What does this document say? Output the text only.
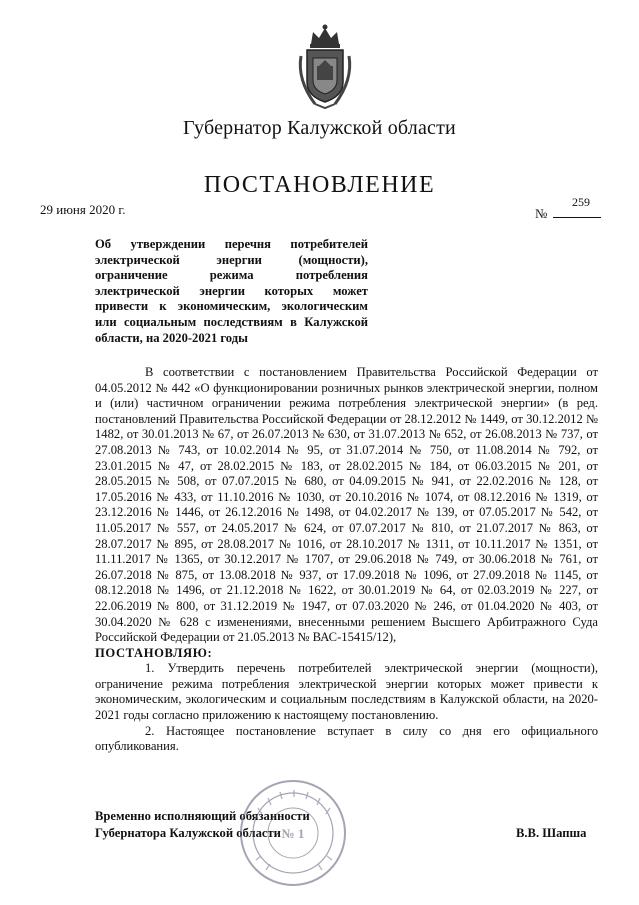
Губернатор Калужской области
ПОСТАНОВЛЕНИЕ
29 июня 2020 г.	№
259
Об утверждении перечня потребителей электрической энергии (мощности), ограничение режима потребления электрической энергии которых может привести к экономическим, экологическим или социальным последствиям в Калужской области, на 2020-2021 годы

В соответствии с постановлением Правительства Российской Федерации от 04.05.2012 № 442 «О функционировании розничных рынков электрической энергии, полном и (или) частичном ограничении режима потребления электрической энергии» (в ред. постановлений Правительства Российской Федерации от 28.12.2012 № 1449, от 30.12.2012 № 1482, от 30.01.2013 № 67, от 26.07.2013 № 630, от 31.07.2013 № 652, от 26.08.2013 № 737, от 27.08.2013 № 743, от 10.02.2014 № 95, от 31.07.2014 № 750, от 11.08.2014 № 792, от 23.01.2015 № 47, от 28.02.2015 № 183, от 28.02.2015 № 184, от 06.03.2015 № 201, от 28.05.2015 № 508, от 07.07.2015 № 680, от 04.09.2015 № 941, от 22.02.2016 № 128, от 17.05.2016 № 433, от 11.10.2016 № 1030, от 20.10.2016 № 1074, от 08.12.2016 № 1319, от 23.12.2016 № 1446, от 26.12.2016 № 1498, от 04.02.2017 № 139, от 07.05.2017 № 542, от 11.05.2017 № 557, от 24.05.2017 № 624, от 07.07.2017 № 810, от 21.07.2017 № 863, от 28.07.2017 № 895, от 28.08.2017 № 1016, от 28.10.2017 № 1311, от 10.11.2017 № 1351, от 11.11.2017 № 1365, от 30.12.2017 № 1707, от 29.06.2018 № 749, от 30.06.2018 № 761, от 26.07.2018 № 875, от 13.08.2018 № 937, от 17.09.2018 № 1096, от 27.09.2018 № 1145, от 08.12.2018 № 1496, от 21.12.2018 № 1622, от 30.01.2019 № 64, от 02.03.2019 № 227, от 22.06.2019 № 800, от 31.12.2019 № 1947, от 07.03.2020 № 246, от 01.04.2020 № 403, от 30.04.2020 № 628 с изменениями, внесенными решением Высшего Арбитражного Суда Российской Федерации от 21.05.2013 № ВАС-15415/12),

ПОСТАНОВЛЯЮ:

1. Утвердить перечень потребителей электрической энергии (мощности), ограничение режима потребления электрической энергии которых может привести к экономическим, экологическим и социальным последствиям в Калужской области, на 2020-2021 годы согласно приложению к настоящему постановлению.

2. Настоящее постановление вступает в силу со дня его официального опубликования.

Временно исполняющий обязанности
Губернатора Калужской области	В.В. Шапша
№ 1
